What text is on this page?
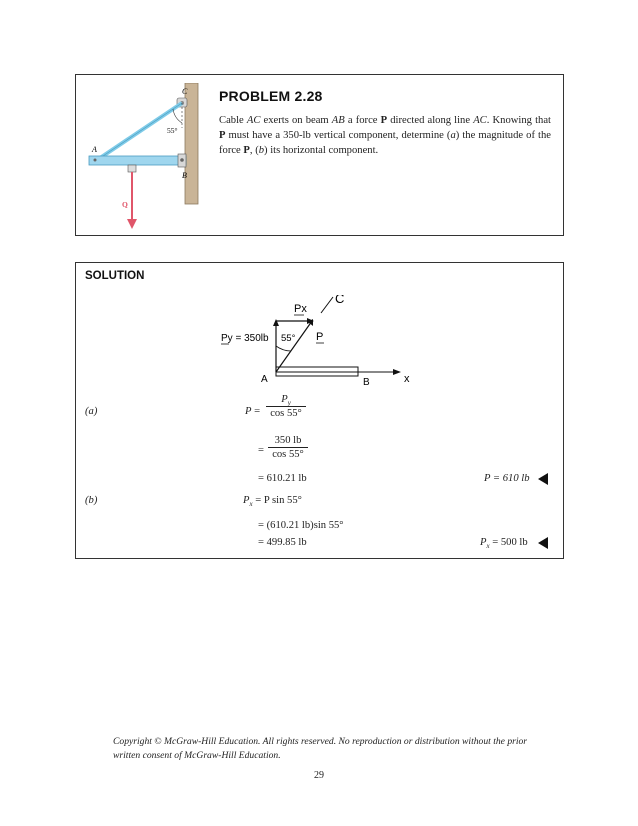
C
55°
A
B
Q
PROBLEM 2.28
Cable AC exerts on beam AB a force P directed along line AC. Knowing that P must have a 350-lb vertical component, determine (a) the magnitude of the force P, (b) its horizontal component.
SOLUTION
Px
Py = 350lb 55° P
C
A	B	x
(a)	P =
$P_y$
cos 55°
=
350 lb
cos 55°
= 610.21 lb	P = 610 lb
(b)	$P_x = P$ sin 55°
= (610.21 lb)sin 55°
= 499.85 lb	$P_x = 500$ lb
Copyright © McGraw-Hill Education. All rights reserved. No reproduction or distribution without the prior written consent of McGraw-Hill Education.
29
